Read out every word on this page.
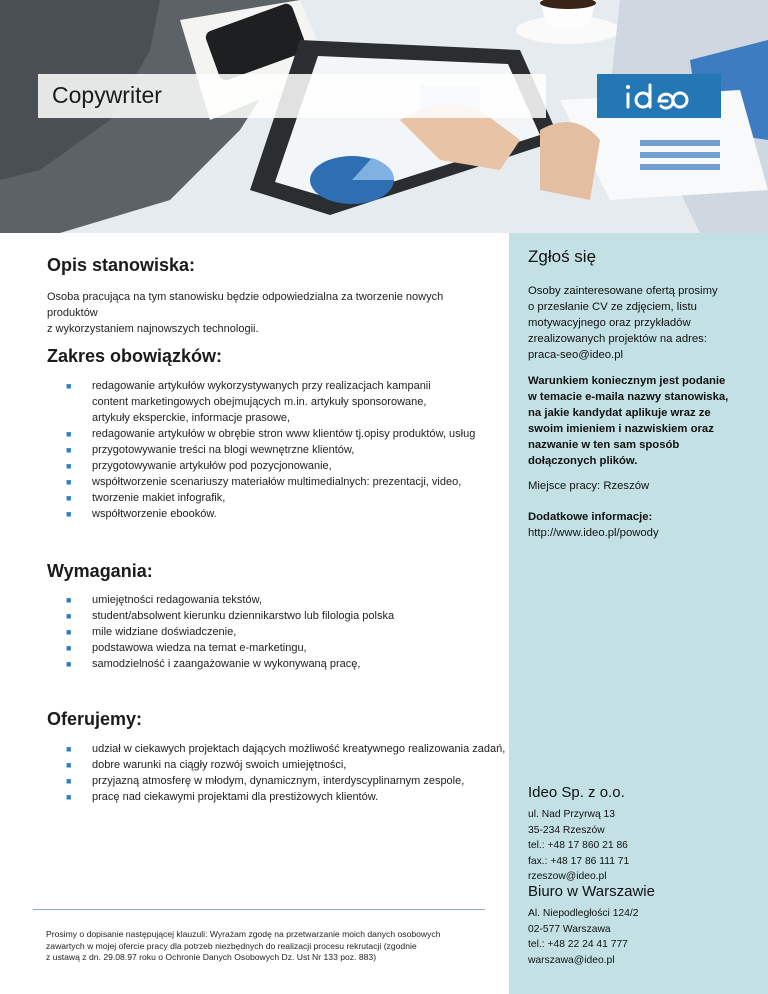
Copywriter
Zgłoś się
Osoby zainteresowane ofertą prosimy
o przesłanie CV ze zdjęciem, listu
motywacyjnego oraz przykładów
zrealizowanych projektów na adres:
praca-seo@ideo.pl
Warunkiem koniecznym jest podanie
w temacie e-maila nazwy stanowiska,
na jakie kandydat aplikuje wraz ze
swoim imieniem i nazwiskiem oraz
nazwanie w ten sam sposób
dołączonych plików.
Miejsce pracy: Rzeszów
Dodatkowe informacje:
http://www.ideo.pl/powody
Ideo Sp. z o.o.
ul. Nad Przyrwą 13
35-234 Rzeszów
tel.: +48 17 860 21 86
fax.: +48 17 86 111 71
rzeszow@ideo.pl
Biuro w Warszawie
Al. Niepodległości 124/2
02-577 Warszawa
tel.: +48 22 24 41 777
warszawa@ideo.pl
Opis stanowiska:
Osoba pracująca na tym stanowisku będzie odpowiedzialna za tworzenie nowych produktów
z wykorzystaniem najnowszych technologii.
Zakres obowiązków:
■ redagowanie artykułów wykorzystywanych przy realizacjach kampanii
content marketingowych obejmujących m.in. artykuły sponsorowane,
artykuły eksperckie, informacje prasowe,
■ redagowanie artykułów w obrębie stron www klientów tj.opisy produktów, usług
■ przygotowywanie treści na blogi wewnętrzne klientów,
■ przygotowywanie artykułów pod pozycjonowanie,
■ współtworzenie scenariuszy materiałów multimedialnych: prezentacji, video,
■ tworzenie makiet infografik,
■ współtworzenie ebooków.
Wymagania:
■ umiejętności redagowania tekstów,
■ student/absolwent kierunku dziennikarstwo lub filologia polska
■ mile widziane doświadczenie,
■ podstawowa wiedza na temat e-marketingu,
■ samodzielność i zaangażowanie w wykonywaną pracę,
Oferujemy:
■ udział w ciekawych projektach dających możliwość kreatywnego realizowania zadań,
■ dobre warunki na ciągły rozwój swoich umiejętności,
■ przyjazną atmosferę w młodym, dynamicznym, interdyscyplinarnym zespole,
■ pracę nad ciekawymi projektami dla prestiżowych klientów.
Prosimy o dopisanie następującej klauzuli: Wyrażam zgodę na przetwarzanie moich danych osobowych
zawartych w mojej ofercie pracy dla potrzeb niezbędnych do realizacji procesu rekrutacji (zgodnie
z ustawą z dn. 29.08.97 roku o Ochronie Danych Osobowych Dz. Ust Nr 133 poz. 883)
